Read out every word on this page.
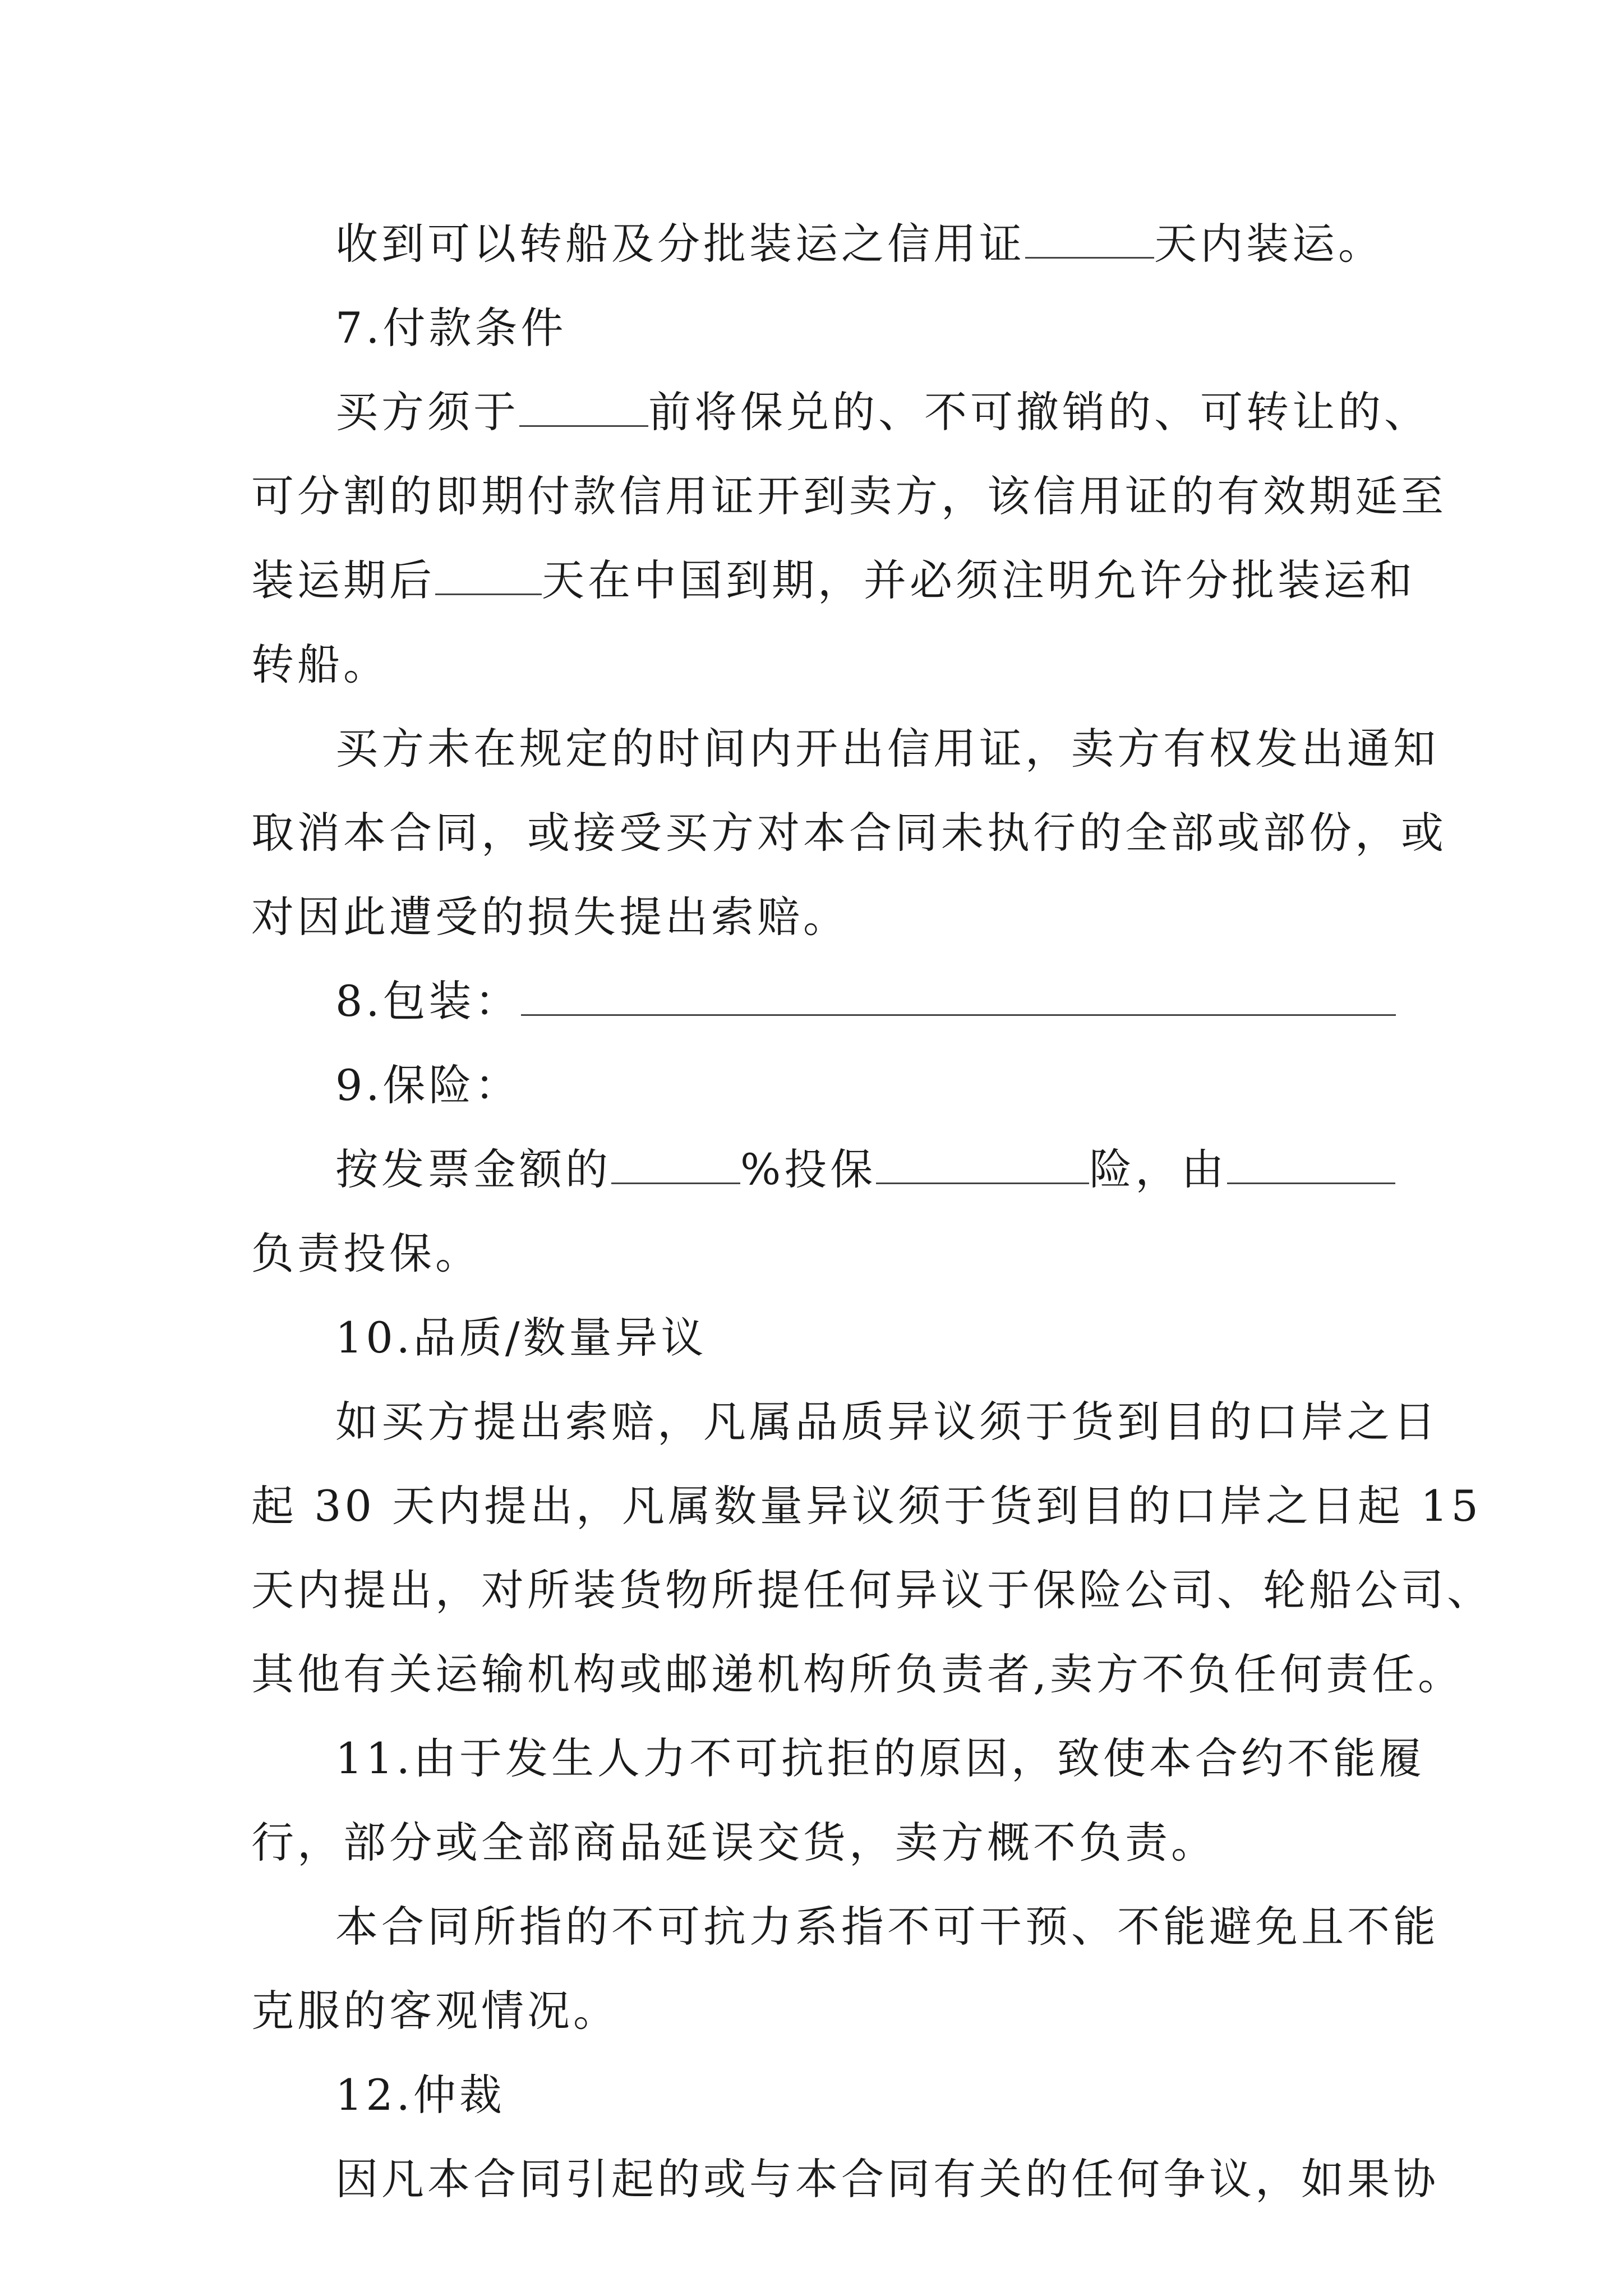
收到可以转船及分批装运之信用证	天内装运。
7.付款条件
买方须于	前将保兑的、不可撤销的、可转让的、
可分割的即期付款信用证开到卖方，该信用证的有效期延至
装运期后	天在中国到期，并必须注明允许分批装运和
转船。
买方未在规定的时间内开出信用证，卖方有权发出通知
取消本合同，或接受买方对本合同未执行的全部或部份，或
对因此遭受的损失提出索赔。
8.包装：
9.保险：
按发票金额的	%投保	险，由
负责投保。
10.品质/数量异议
如买方提出索赔，凡属品质异议须于货到目的口岸之日
起 30 天内提出，凡属数量异议须于货到目的口岸之日起 15
天内提出，对所装货物所提任何异议于保险公司、轮船公司、
其他有关运输机构或邮递机构所负责者,卖方不负任何责任。
11.由于发生人力不可抗拒的原因，致使本合约不能履
行，部分或全部商品延误交货，卖方概不负责。
本合同所指的不可抗力系指不可干预、不能避免且不能
克服的客观情况。
12.仲裁
因凡本合同引起的或与本合同有关的任何争议，如果协
